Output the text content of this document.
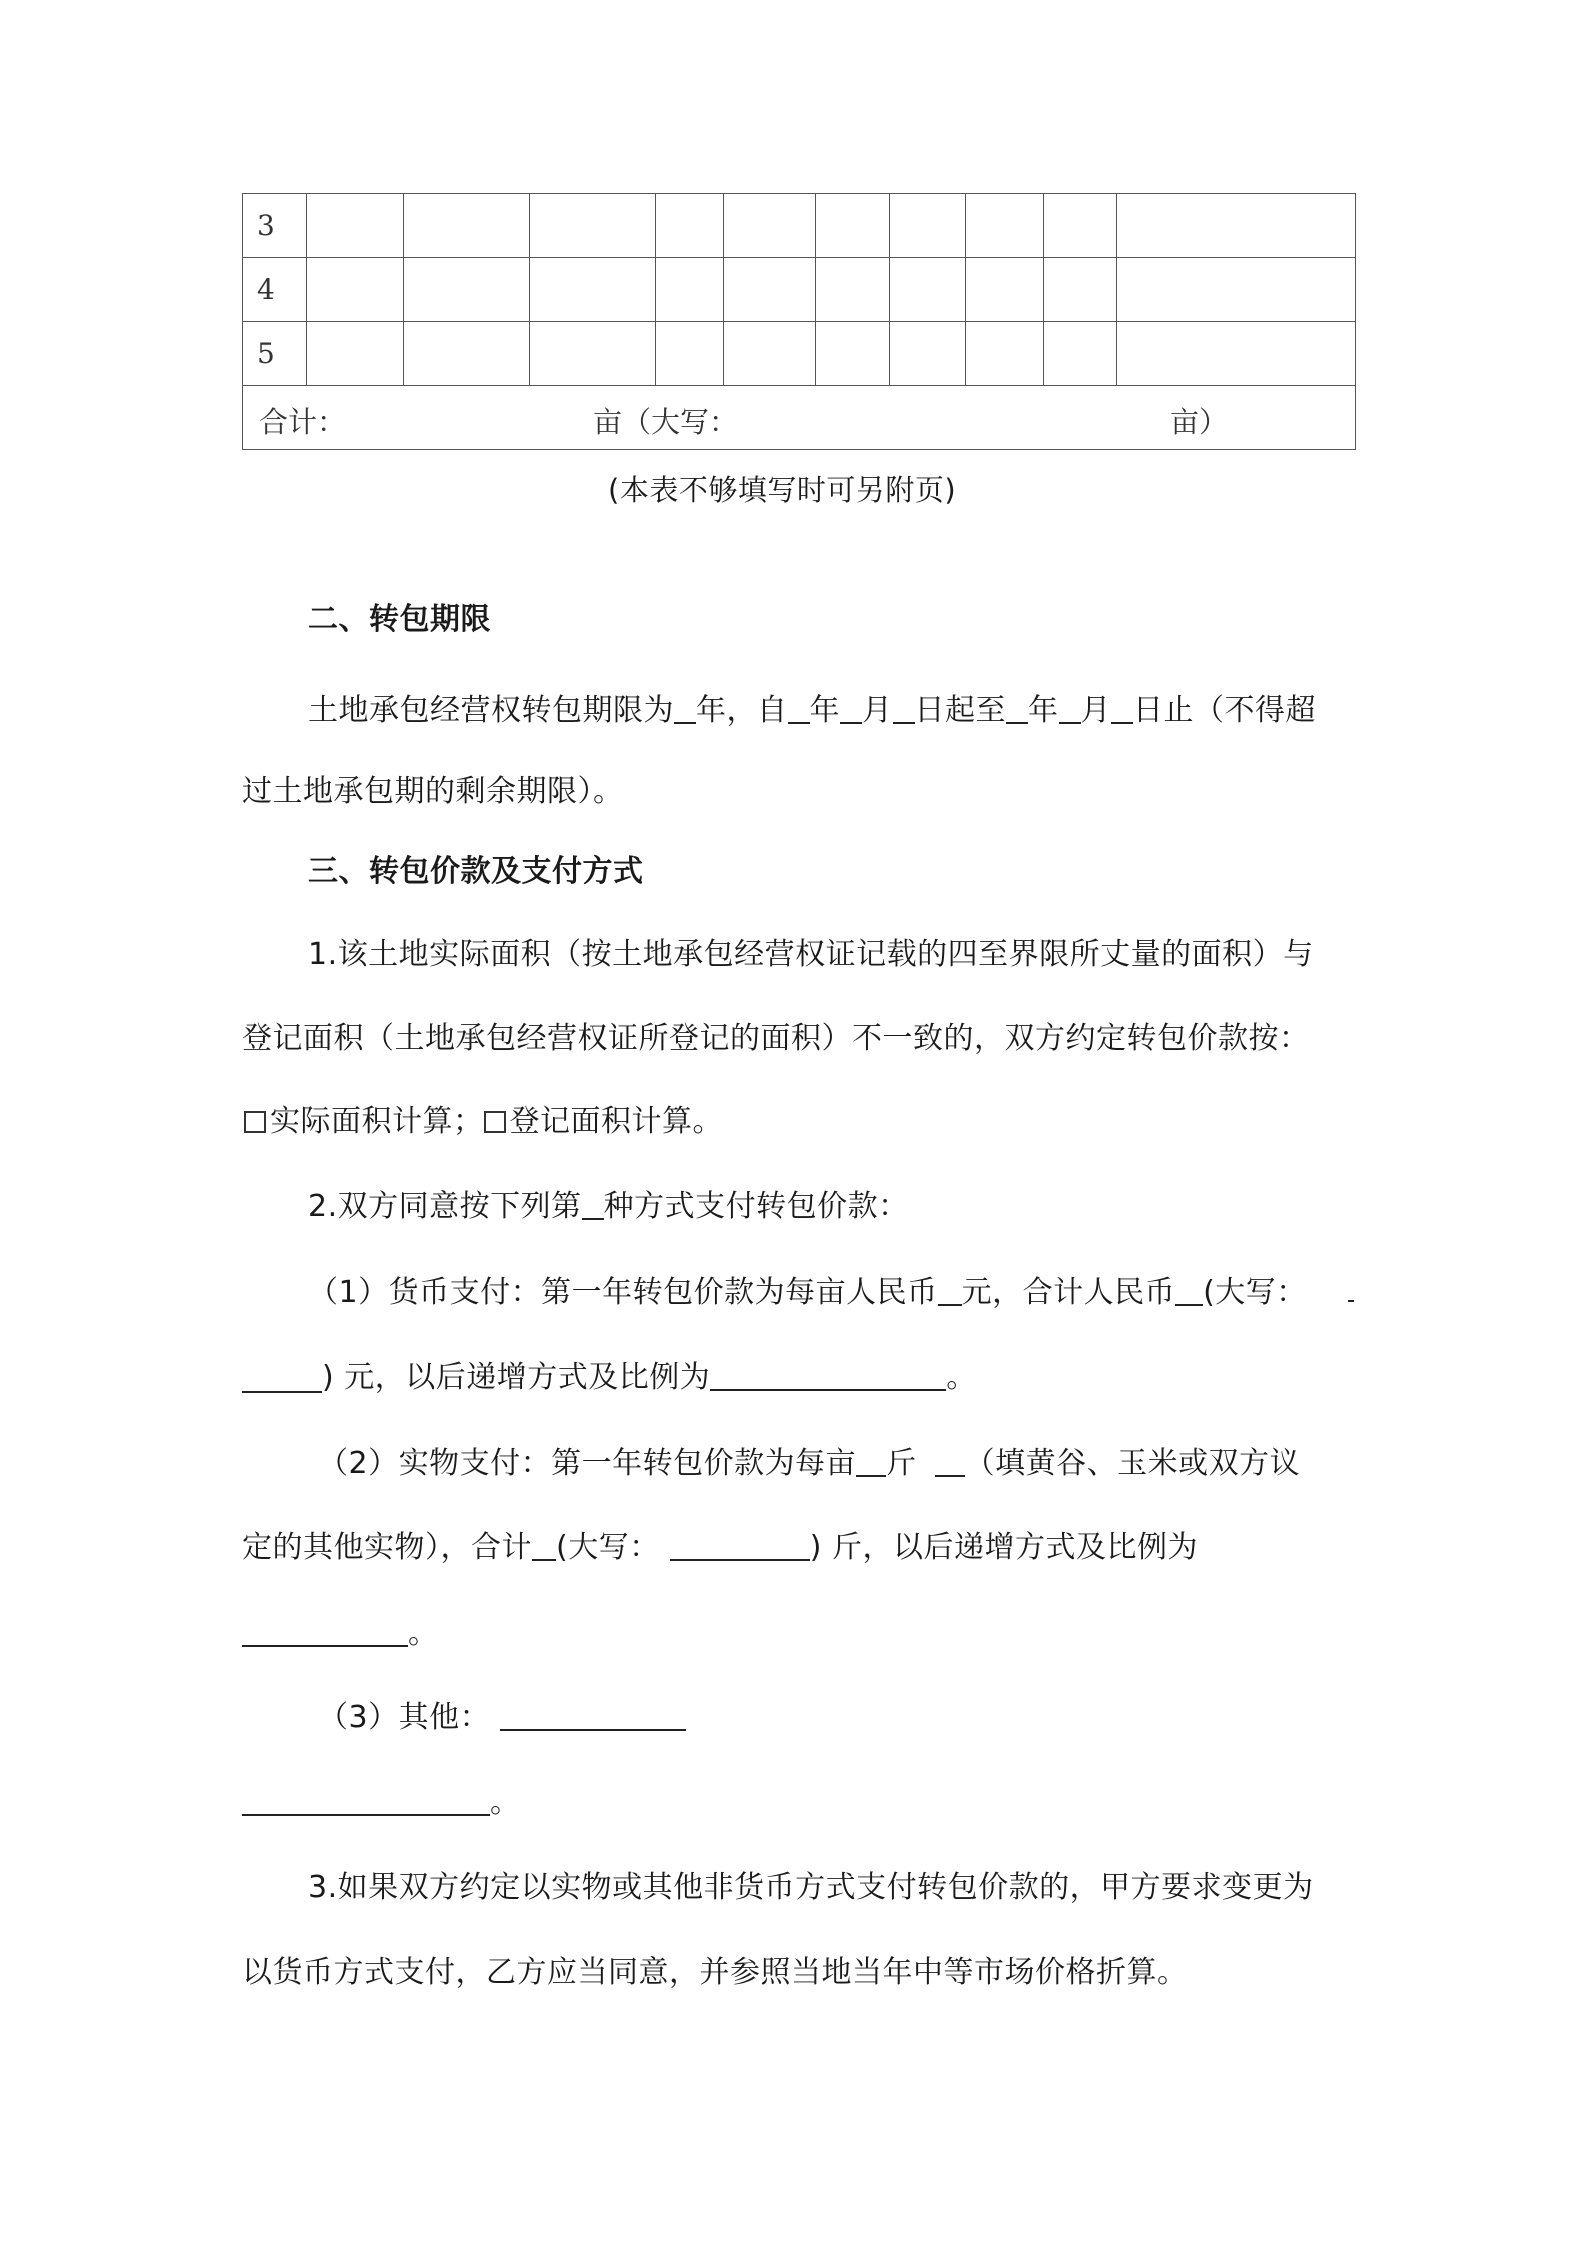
3										
4										
5										

合计： 亩（大写： 亩）										
(本表不够填写时可另附页)
二、转包期限
土地承包经营权转包期限为 年，自 年 月 日起至 年 月 日止（不得超
过土地承包期的剩余期限）。
三、转包价款及支付方式
1.该土地实际面积（按土地承包经营权证记载的四至界限所丈量的面积）与
登记面积（土地承包经营权证所登记的面积）不一致的，双方约定转包价款按：
实际面积计算； 登记面积计算。
2.双方同意按下列第 种方式支付转包价款：
（1）货币支付：第一年转包价款为每亩人民币 元，合计人民币 (大写：
) 元，以后递增方式及比例为	。
（2）实物支付：第一年转包价款为每亩 斤 （填黄谷、玉米或双方议
定的其他实物），合计 (大写：	) 斤，以后递增方式及比例为
。
（3）其他：
。
3.如果双方约定以实物或其他非货币方式支付转包价款的，甲方要求变更为
以货币方式支付，乙方应当同意，并参照当地当年中等市场价格折算。
